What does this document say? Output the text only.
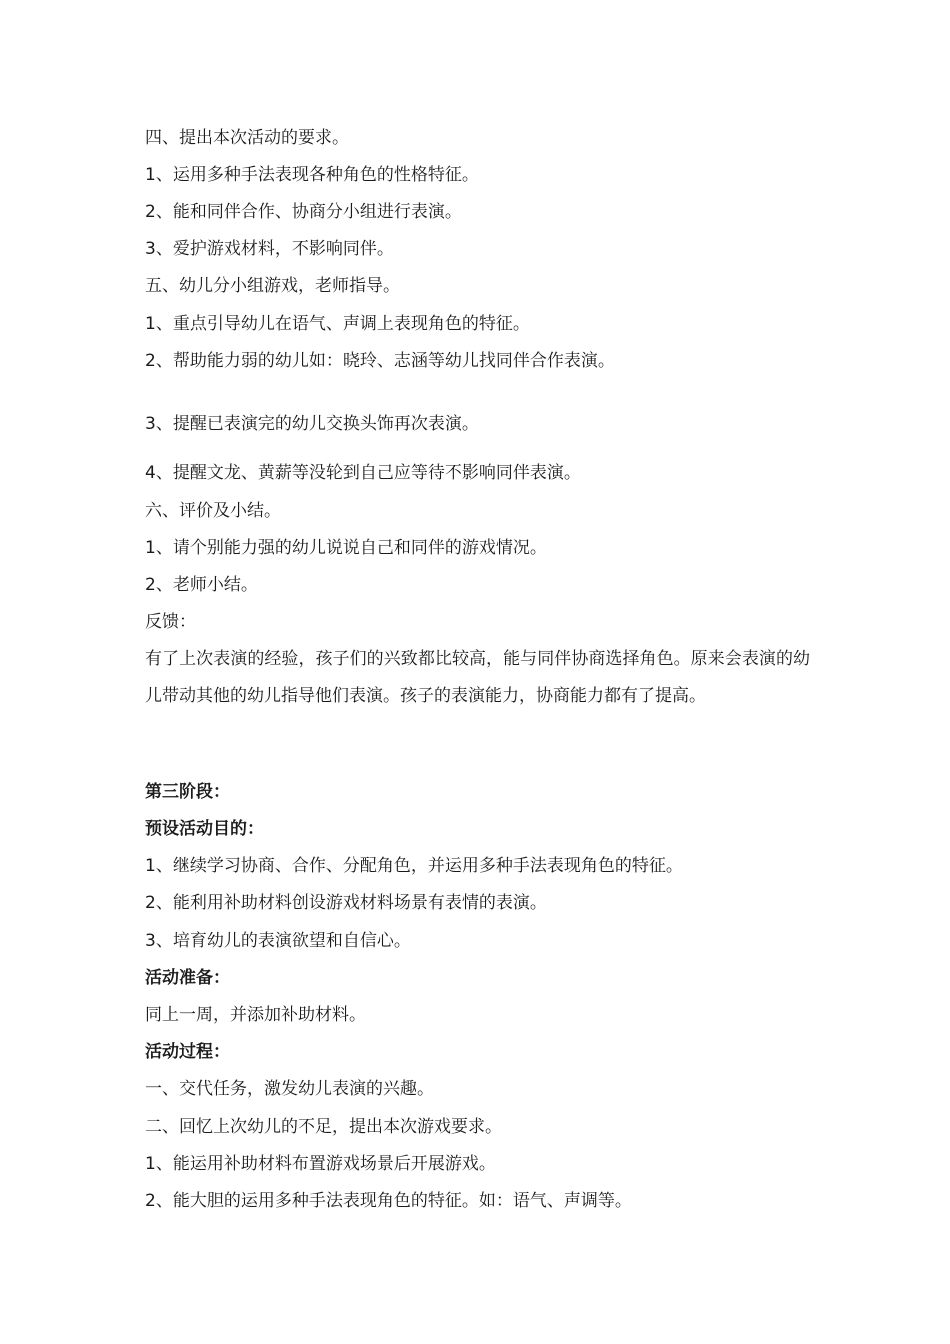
四、提出本次活动的要求。

1、运用多种手法表现各种角色的性格特征。

2、能和同伴合作、协商分小组进行表演。

3、爱护游戏材料，不影响同伴。

五、幼儿分小组游戏，老师指导。

1、重点引导幼儿在语气、声调上表现角色的特征。

2、帮助能力弱的幼儿如：晓玲、志涵等幼儿找同伴合作表演。

3、提醒已表演完的幼儿交换头饰再次表演。

4、提醒文龙、黄薪等没轮到自己应等待不影响同伴表演。

六、评价及小结。

1、请个别能力强的幼儿说说自己和同伴的游戏情况。

2、老师小结。

反馈：

有了上次表演的经验，孩子们的兴致都比较高，能与同伴协商选择角色。原来会表演的幼儿带动其他的幼儿指导他们表演。孩子的表演能力，协商能力都有了提高。

第三阶段：

预设活动目的：

1、继续学习协商、合作、分配角色，并运用多种手法表现角色的特征。

2、能利用补助材料创设游戏材料场景有表情的表演。

3、培育幼儿的表演欲望和自信心。

活动准备：

同上一周，并添加补助材料。

活动过程：

一、交代任务，激发幼儿表演的兴趣。

二、回忆上次幼儿的不足，提出本次游戏要求。

1、能运用补助材料布置游戏场景后开展游戏。

2、能大胆的运用多种手法表现角色的特征。如：语气、声调等。
